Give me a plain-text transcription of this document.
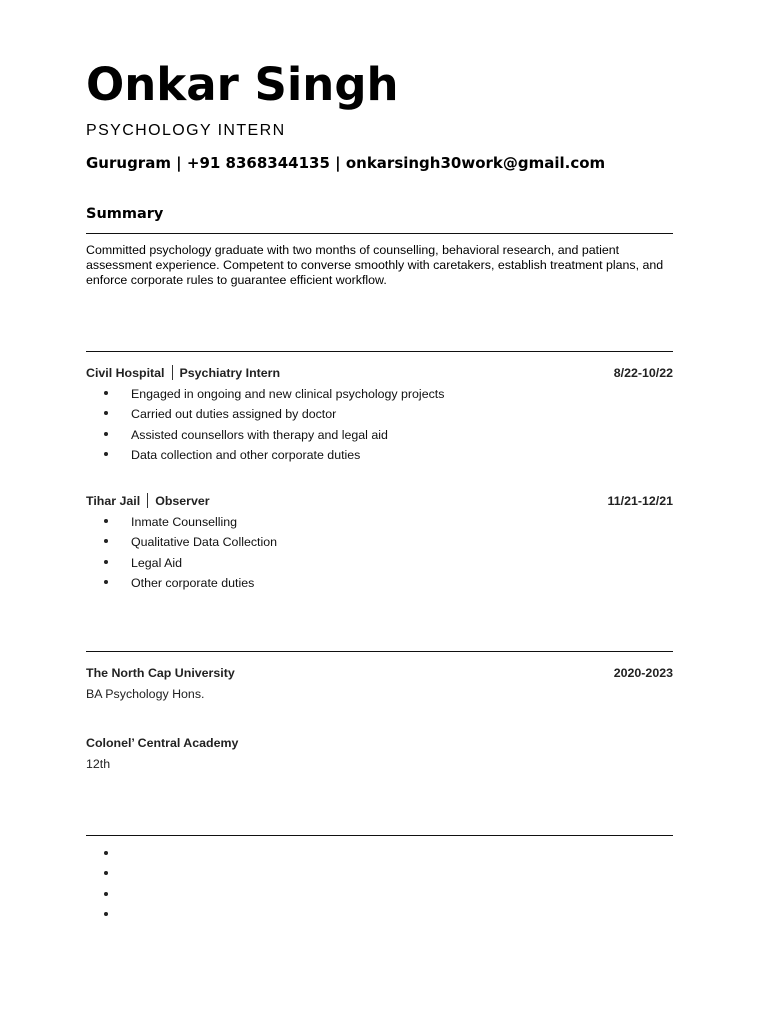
Onkar Singh
PSYCHOLOGY INTERN
Gurugram | +91 8368344135 | onkarsingh30work@gmail.com
Summary
Committed psychology graduate with two months of counselling, behavioral research, and patient assessment experience. Competent to converse smoothly with caretakers, establish treatment plans, and enforce corporate rules to guarantee efficient workflow.
Civil Hospital Psychiatry Intern	8/22-10/22
Engaged in ongoing and new clinical psychology projects
Carried out duties assigned by doctor
Assisted counsellors with therapy and legal aid
Data collection and other corporate duties
Tihar Jail Observer	11/21-12/21
Inmate Counselling
Qualitative Data Collection
Legal Aid
Other corporate duties
The North Cap University	2020-2023
BA Psychology Hons.
Colonel’ Central Academy
12th
